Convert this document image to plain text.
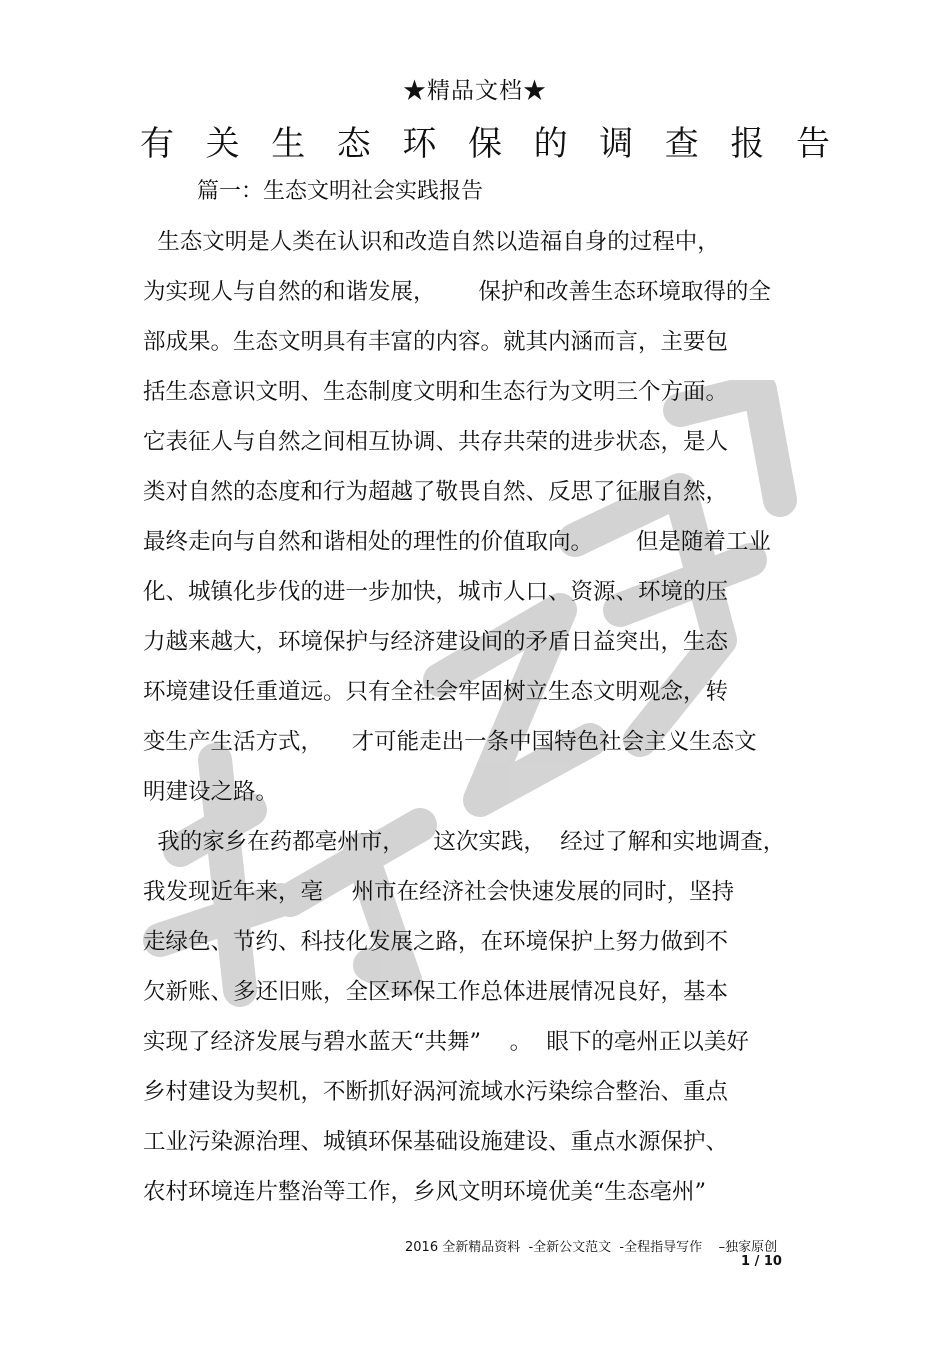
★精品文档★
有关生态环保的调查报告
篇一：生态文明社会实践报告
生态文明是人类在认识和改造自然以造福自身的过程中，
为实现人与自然的和谐发展，      保护和改善生态环境取得的全
部成果。生态文明具有丰富的内容。就其内涵而言，主要包
括生态意识文明、生态制度文明和生态行为文明三个方面。
它表征人与自然之间相互协调、共存共荣的进步状态，是人
类对自然的态度和行为超越了敬畏自然、反思了征服自然，
最终走向与自然和谐相处的理性的价值取向。      但是随着工业
化、城镇化步伐的进一步加快，城市人口、资源、环境的压
力越来越大，环境保护与经济建设间的矛盾日益突出，生态
环境建设任重道远。只有全社会牢固树立生态文明观念，转
变生产生活方式，    才可能走出一条中国特色社会主义生态文
明建设之路。
我的家乡在药都亳州市，    这次实践，  经过了解和实地调查，
我发现近年来，亳    州市在经济社会快速发展的同时，坚持
走绿色、节约、科技化发展之路，在环境保护上努力做到不
欠新账、多还旧账，全区环保工作总体进展情况良好，基本
实现了经济发展与碧水蓝天“共舞”    。  眼下的亳州正以美好
乡村建设为契机，不断抓好涡河流域水污染综合整治、重点
工业污染源治理、城镇环保基础设施建设、重点水源保护、
农村环境连片整治等工作，乡风文明环境优美“生态亳州”
2016 全新精品资料  -全新公文范文  -全程指导写作    –独家原创
1 / 10
